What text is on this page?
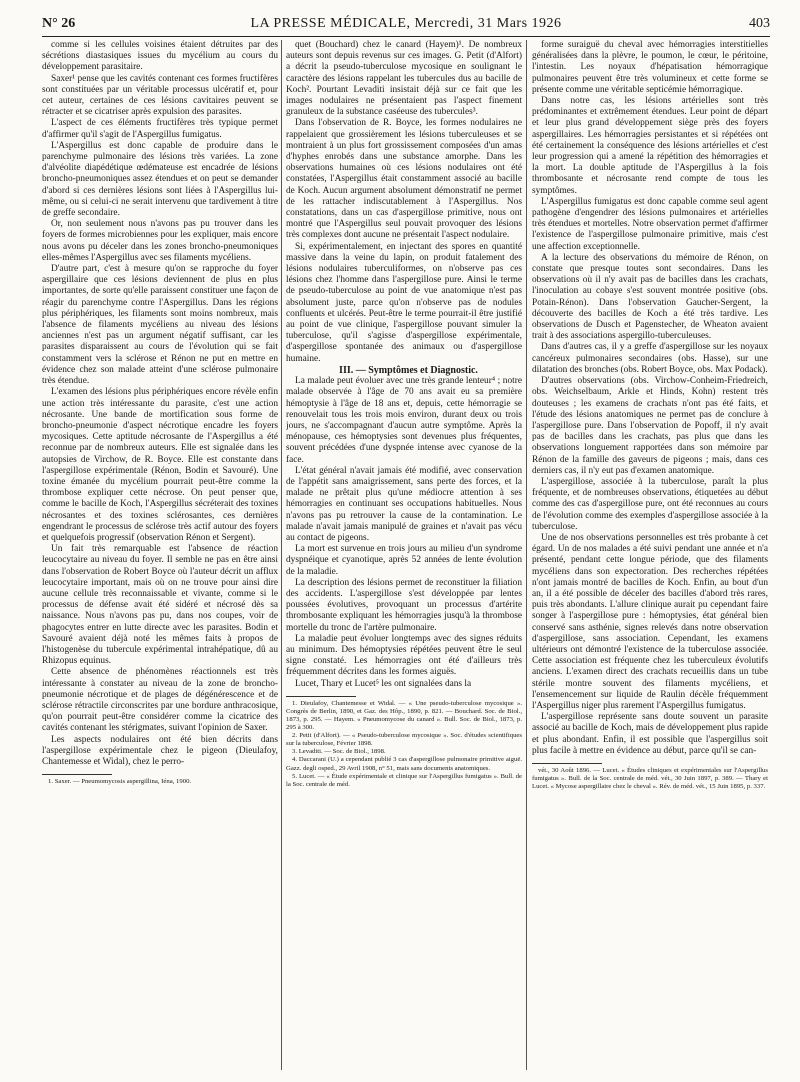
N° 26	LA PRESSE MÉDICALE, Mercredi, 31 Mars 1926	403

comme si les cellules voisines étaient détruites par des sécrétions diastasiques issues du mycélium au cours du développement parasitaire.

Saxer¹ pense que les cavités contenant ces formes fructifères sont constituées par un véritable processus ulcératif et, pour cet auteur, certaines de ces lésions cavitaires peuvent se rétracter et se cicatriser après expulsion des parasites.

L'aspect de ces éléments fructifères très typique permet d'affirmer qu'il s'agit de l'Aspergillus fumigatus.

L'Aspergillus est donc capable de produire dans le parenchyme pulmonaire des lésions très variées. La zone d'alvéolite diapédétique œdémateuse est encadrée de lésions broncho-pneumoniques assez étendues et on peut se demander d'abord si ces dernières lésions sont liées à l'Aspergillus lui-même, ou si celui-ci ne serait intervenu que tardivement à titre de greffe secondaire.

Or, non seulement nous n'avons pas pu trouver dans les foyers de formes microbiennes pour les expliquer, mais encore nous avons pu déceler dans les zones broncho-pneumoniques elles-mêmes l'Aspergillus avec ses filaments mycéliens.

D'autre part, c'est à mesure qu'on se rapproche du foyer aspergillaire que ces lésions deviennent de plus en plus importantes, de sorte qu'elle paraissent constituer une façon de réagir du parenchyme contre l'Aspergillus. Dans les régions plus périphériques, les filaments sont moins nombreux, mais l'absence de filaments mycéliens au niveau des lésions anciennes n'est pas un argument négatif suffisant, car les parasites disparaissent au cours de l'évolution qui se fait constamment vers la sclérose et Rénon ne put en mettre en évidence chez son malade atteint d'une sclérose pulmonaire très étendue.

L'examen des lésions plus périphériques encore révèle enfin une action très intéressante du parasite, c'est une action nécrosante. Une bande de mortification sous forme de broncho-pneumonie d'aspect nécrotique encadre les foyers mycosiques. Cette aptitude nécrosante de l'Aspergillus a été reconnue par de nombreux auteurs. Elle est signalée dans les autopsies de Virchow, de R. Boyce. Elle est constante dans l'aspergillose expérimentale (Rénon, Bodin et Savouré). Une toxine émanée du mycélium pourrait peut-être comme la thrombose expliquer cette nécrose. On peut penser que, comme le bacille de Koch, l'Aspergillus sécréterait des toxines nécrosantes et des toxines sclérosantes, ces dernières engendrant le processus de sclérose très actif autour des foyers et quelquefois progressif (observation Rénon et Sergent).

Un fait très remarquable est l'absence de réaction leucocytaire au niveau du foyer. Il semble ne pas en être ainsi dans l'observation de Robert Boyce où l'auteur décrit un afflux leucocytaire important, mais où on ne trouve pour ainsi dire aucune cellule très reconnaissable et vivante, comme si le processus de défense avait été sidéré et nécrosé dès sa naissance. Nous n'avons pas pu, dans nos coupes, voir de phagocytes entrer en lutte directe avec les parasites. Bodin et Savouré avaient déjà noté les mêmes faits à propos de l'histogenèse du tubercule expérimental intrahépatique, dû au Rhizopus equinus.

Cette absence de phénomènes réactionnels est très intéressante à constater au niveau de la zone de broncho-pneumonie nécrotique et de plages de dégénérescence et de sclérose rétractile circonscrites par une bordure anthracosique, qu'on pourrait peut-être considérer comme la cicatrice des cavités contenant les stérigmates, suivant l'opinion de Saxer.

Les aspects nodulaires ont été bien décrits dans l'aspergillose expérimentale chez le pigeon (Dieulafoy, Chantemesse et Widal), chez le perro-

1. Saxer. — Pneumomycosis aspergillina, Iéna, 1900.

quet (Bouchard) chez le canard (Hayem)¹. De nombreux auteurs sont depuis revenus sur ces images. G. Petit (d'Alfort) a décrit la pseudo-tuberculose mycosique en soulignant le caractère des lésions rappelant les tubercules dus au bacille de Koch². Pourtant Levaditi insistait déjà sur ce fait que les images nodulaires ne présentaient pas l'aspect finement granuleux de la substance caséeuse des tubercules³.

Dans l'observation de R. Boyce, les formes nodulaires ne rappelaient que grossièrement les lésions tuberculeuses et se montraient à un plus fort grossissement composées d'un amas d'hyphes enrobés dans une substance amorphe. Dans les observations humaines où ces lésions nodulaires ont été constatées, l'Aspergillus était constamment associé au bacille de Koch. Aucun argument absolument démonstratif ne permet de les rattacher indiscutablement à l'Aspergillus. Nos constatations, dans un cas d'aspergillose primitive, nous ont montré que l'Aspergillus seul pouvait provoquer des lésions très complexes dont aucune ne présentait l'aspect nodulaire.

Si, expérimentalement, en injectant des spores en quantité massive dans la veine du lapin, on produit fatalement des lésions nodulaires tuberculiformes, on n'observe pas ces lésions chez l'homme dans l'aspergillose pure. Ainsi le terme de pseudo-tuberculose au point de vue anatomique n'est pas absolument juste, parce qu'on n'observe pas de nodules confluents et ulcérés. Peut-être le terme pourrait-il être justifié au point de vue clinique, l'aspergillose pouvant simuler la tuberculose, qu'il s'agisse d'aspergillose expérimentale, d'aspergillose spontanée des animaux ou d'aspergillose humaine.

III. — Symptômes et Diagnostic.

La malade peut évoluer avec une très grande lenteur⁴ ; notre malade observée à l'âge de 70 ans avait eu sa première hémoptysie à l'âge de 18 ans et, depuis, cette hémorragie se renouvelait tous les trois mois environ, durant deux ou trois jours, ne s'accompagnant d'aucun autre symptôme. Après la ménopause, ces hémoptysies sont devenues plus fréquentes, souvent précédées d'une dyspnée intense avec cyanose de la face.

L'état général n'avait jamais été modifié, avec conservation de l'appétit sans amaigrissement, sans perte des forces, et la malade ne prêtait plus qu'une médiocre attention à ses hémorragies en continuant ses occupations habituelles. Nous n'avons pas pu retrouver la cause de la contamination. Le malade n'avait jamais manipulé de graines et n'avait pas vécu au contact de pigeons.

La mort est survenue en trois jours au milieu d'un syndrome dyspnéique et cyanotique, après 52 années de lente évolution de la maladie.

La description des lésions permet de reconstituer la filiation des accidents. L'aspergillose s'est développée par lentes poussées évolutives, provoquant un processus d'artérite thrombosante expliquant les hémorragies jusqu'à la thrombose mortelle du tronc de l'artère pulmonaire.

La maladie peut évoluer longtemps avec des signes réduits au minimum. Des hémoptysies répétées peuvent être le seul signe constaté. Les hémorragies ont été d'ailleurs très fréquemment décrites dans les formes aiguës.

Lucet, Thary et Lucet⁵ les ont signalées dans la

1. Dieulafoy, Chantemesse et Widal. — « Une pseudo-tuberculose mycosique ». Congrès de Berlin, 1890, et Gaz. des Hôp., 1890, p. 821. — Bouchard. Soc. de Biol., 1873, p. 295. — Hayem. « Pneumomycose du canard ». Bull. Soc. de Biol., 1873, p. 295 à 300.

2. Petit (d'Alfort). — « Pseudo-tuberculose mycosique ». Soc. d'études scientifiques sur la tuberculose, Février 1898.

3. Levaditi. — Soc. de Biol., 1898.

4. Daccarani (U.) a cependant publié 3 cas d'aspergillose pulmonaire primitive aiguë. Gazz. degli osped., 29 Avril 1908, n° 51, mais sans documents anatomiques.

5. Lucet. — « Étude expérimentale et clinique sur l'Aspergillus fumigatus ». Bull. de la Soc. centrale de méd.

forme suraiguë du cheval avec hémorragies interstitielles généralisées dans la plèvre, le poumon, le cœur, le péritoine, l'intestin. Les noyaux d'hépatisation hémorragique pulmonaires peuvent être très volumineux et cette forme se présente comme une véritable septicémie hémorragique.

Dans notre cas, les lésions artérielles sont très prédominantes et extrêmement étendues. Leur point de départ et leur plus grand développement siège près des foyers aspergillaires. Les hémorragies persistantes et si répétées ont été certainement la conséquence des lésions artérielles et c'est leur progression qui a amené la répétition des hémorragies et la mort. La double aptitude de l'Aspergillus à la fois thrombosante et nécrosante rend compte de tous les symptômes.

L'Aspergillus fumigatus est donc capable comme seul agent pathogène d'engendrer des lésions pulmonaires et artérielles très étendues et mortelles. Notre observation permet d'affirmer l'existence de l'aspergillose pulmonaire primitive, mais c'est une affection exceptionnelle.

A la lecture des observations du mémoire de Rénon, on constate que presque toutes sont secondaires. Dans les observations où il n'y avait pas de bacilles dans les crachats, l'inoculation au cobaye s'est souvent montrée positive (obs. Potain-Rénon). Dans l'observation Gaucher-Sergent, la découverte des bacilles de Koch a été très tardive. Les observations de Dusch et Pagenstecher, de Wheaton avaient trait à des associations aspergillo-tuberculeuses.

Dans d'autres cas, il y a greffe d'aspergillose sur les noyaux cancéreux pulmonaires secondaires (obs. Hasse), sur une dilatation des bronches (obs. Robert Boyce, obs. Max Podack).

D'autres observations (obs. Virchow-Conheim-Friedreich, obs. Weichselbaum, Arkle et Hinds, Kohn) restent très douteuses ; les examens de crachats n'ont pas été faits, et l'étude des lésions anatomiques ne permet pas de conclure à l'aspergillose pure. Dans l'observation de Popoff, il n'y avait pas de bacilles dans les crachats, pas plus que dans les observations longuement rapportées dans son mémoire par Rénon de la famille des gaveurs de pigeons ; mais, dans ces derniers cas, il n'y eut pas d'examen anatomique.

L'aspergillose, associée à la tuberculose, paraît la plus fréquente, et de nombreuses observations, étiquetées au début comme des cas d'aspergillose pure, ont été reconnues au cours de l'évolution comme des exemples d'aspergillose associée à la tuberculose.

Une de nos observations personnelles est très probante à cet égard. Un de nos malades a été suivi pendant une année et n'a présenté, pendant cette longue période, que des filaments mycéliens dans son expectoration. Des recherches répétées n'ont jamais montré de bacilles de Koch. Enfin, au bout d'un an, il a été possible de déceler des bacilles d'abord très rares, puis très abondants. L'allure clinique aurait pu cependant faire songer à l'aspergillose pure : hémoptysies, état général bien conservé sans asthénie, signes relevés dans notre observation d'aspergillose, sans association. Cependant, les examens ultérieurs ont démontré l'existence de la tuberculose associée. Cette association est fréquente chez les tuberculeux évolutifs anciens. L'examen direct des crachats recueillis dans un tube stérile montre souvent des filaments mycéliens, et l'ensemencement sur liquide de Raulin décèle fréquemment l'Aspergillus niger plus rarement l'Aspergillus fumigatus.

L'aspergillose représente sans doute souvent un parasite associé au bacille de Koch, mais de développement plus rapide et plus abondant. Enfin, il est possible que l'aspergillus soit plus facile à mettre en évidence au début, parce qu'il se can-

vét., 30 Août 1896. — Lucet. « Études cliniques et expérimentales sur l'Aspergillus fumigatus ». Bull. de la Soc. centrale de méd. vét., 30 Juin 1897, p. 389. — Thary et Lucet. « Mycose aspergillaire chez le cheval ». Rév. de méd. vét., 15 Juin 1895, p. 337.
